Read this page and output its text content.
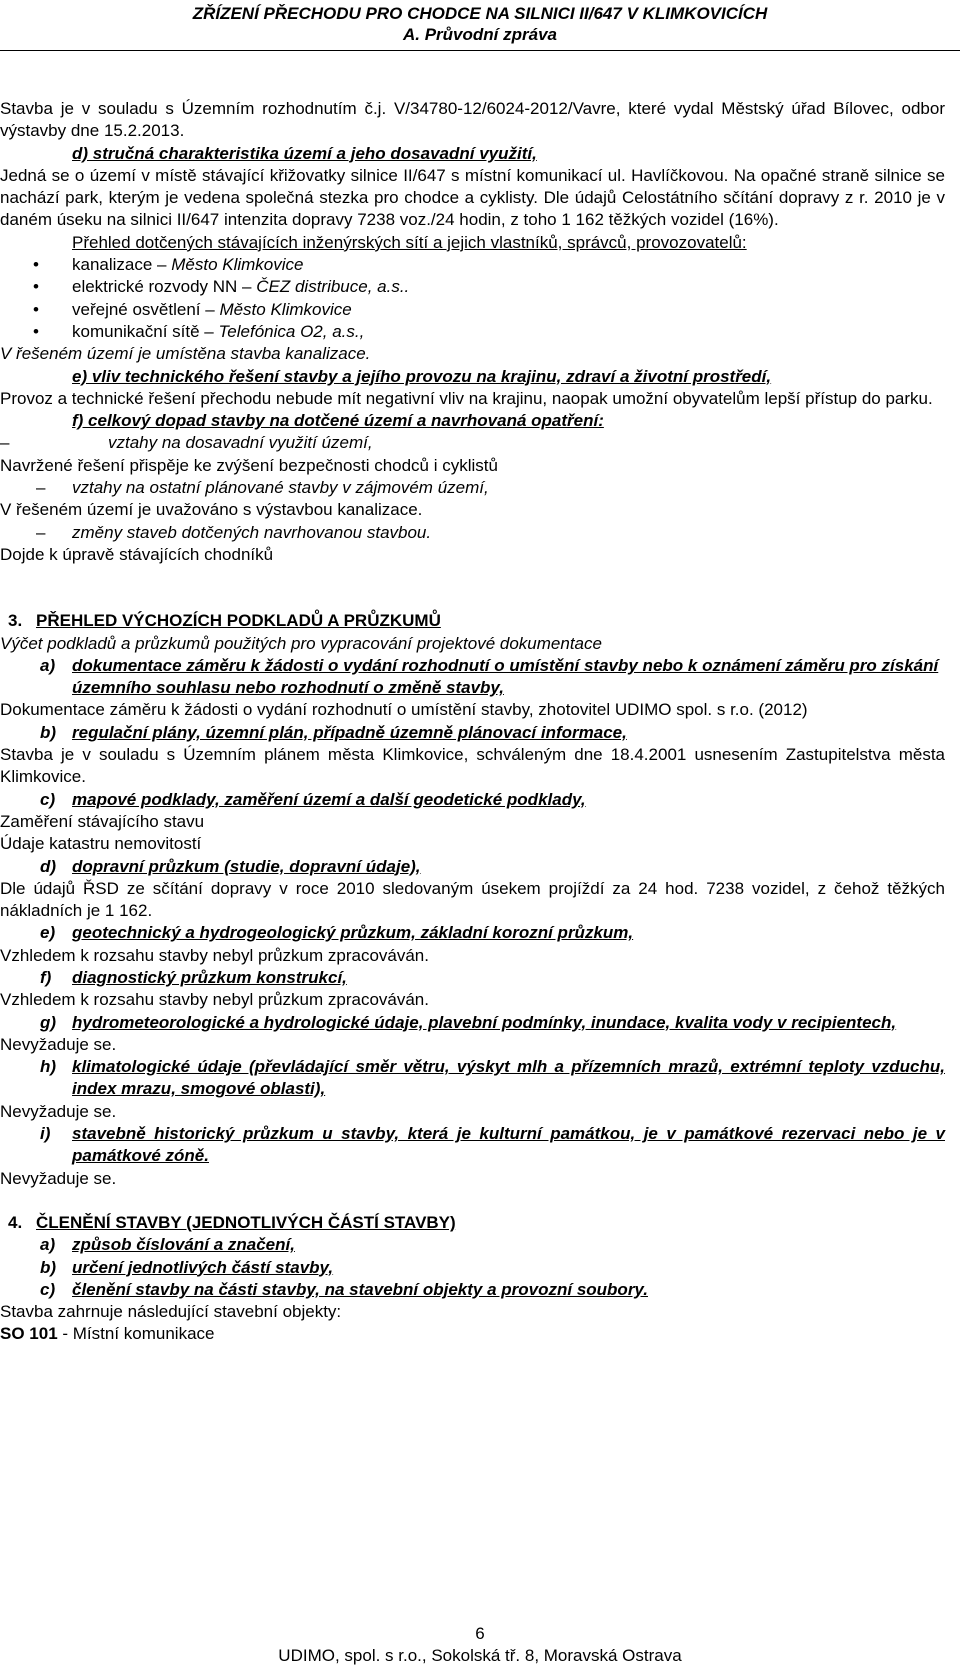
ZŘÍZENÍ PŘECHODU PRO CHODCE NA SILNICI II/647 V KLIMKOVICÍCH
A. Průvodní zpráva

Stavba je v souladu s Územním rozhodnutím č.j. V/34780-12/6024-2012/Vavre, které vydal Městský úřad Bílovec, odbor výstavby dne 15.2.2013.

d) stručná charakteristika území a jeho dosavadní využití,

Jedná se o území v místě stávající křižovatky silnice II/647 s místní komunikací ul. Havlíčkovou. Na opačné straně silnice se nachází park, kterým je vedena společná stezka pro chodce a cyklisty. Dle údajů Celostátního sčítání dopravy z r. 2010 je v daném úseku na silnici II/647 intenzita dopravy 7238 voz./24 hodin, z toho 1 162 těžkých vozidel (16%).

Přehled dotčených stávajících inženýrských sítí a jejich vlastníků, správců, provozovatelů:

• kanalizace – Město Klimkovice
• elektrické rozvody NN – ČEZ distribuce, a.s..
• veřejné osvětlení – Město Klimkovice
• komunikační sítě – Telefónica O2, a.s.,

V řešeném území je umístěna stavba kanalizace.

e) vliv technického řešení stavby a jejího provozu na krajinu, zdraví a životní prostředí,

Provoz a technické řešení přechodu nebude mít negativní vliv na krajinu, naopak umožní obyvatelům lepší přístup do parku.

f) celkový dopad stavby na dotčené území a navrhovaná opatření:

–	vztahy na dosavadní využití území,

Navržené řešení přispěje ke zvýšení bezpečnosti chodců i cyklistů

– vztahy na ostatní plánované stavby v zájmovém území,

V řešeném území je uvažováno s výstavbou kanalizace.

– změny staveb dotčených navrhovanou stavbou.

Dojde k úpravě stávajících chodníků

3. PŘEHLED VÝCHOZÍCH PODKLADŮ A PRŮZKUMŮ

Výčet podkladů a průzkumů použitých pro vypracování projektové dokumentace

a) dokumentace záměru k žádosti o vydání rozhodnutí o umístění stavby nebo k oznámení záměru pro získání územního souhlasu nebo rozhodnutí o změně stavby,

Dokumentace záměru k žádosti o vydání rozhodnutí o umístění stavby, zhotovitel UDIMO spol. s r.o. (2012)

b) regulační plány, územní plán, případně územně plánovací informace,

Stavba je v souladu s Územním plánem města Klimkovice, schváleným dne 18.4.2001 usnesením Zastupitelstva města Klimkovice.

c) mapové podklady, zaměření území a další geodetické podklady,

Zaměření stávajícího stavu

Údaje katastru nemovitostí

d) dopravní průzkum (studie, dopravní údaje),

Dle údajů ŘSD ze sčítání dopravy v roce 2010 sledovaným úsekem projíždí za 24 hod. 7238 vozidel, z čehož těžkých nákladních je 1 162.

e) geotechnický a hydrogeologický průzkum, základní korozní průzkum,

Vzhledem k rozsahu stavby nebyl průzkum zpracováván.

f) diagnostický průzkum konstrukcí,

Vzhledem k rozsahu stavby nebyl průzkum zpracováván.

g) hydrometeorologické a hydrologické údaje, plavební podmínky, inundace, kvalita vody v recipientech,

Nevyžaduje se.

h) klimatologické údaje (převládající směr větru, výskyt mlh a přízemních mrazů, extrémní teploty vzduchu, index mrazu, smogové oblasti),

Nevyžaduje se.

i) stavebně historický průzkum u stavby, která je kulturní památkou, je v památkové rezervaci nebo je v památkové zóně.

Nevyžaduje se.

4. ČLENĚNÍ STAVBY (JEDNOTLIVÝCH ČÁSTÍ STAVBY)
a) způsob číslování a značení,
b) určení jednotlivých částí stavby,
c) členění stavby na části stavby, na stavební objekty a provozní soubory.

Stavba zahrnuje následující stavební objekty:

SO 101 - Místní komunikace

6
UDIMO, spol. s r.o., Sokolská tř. 8, Moravská Ostrava
